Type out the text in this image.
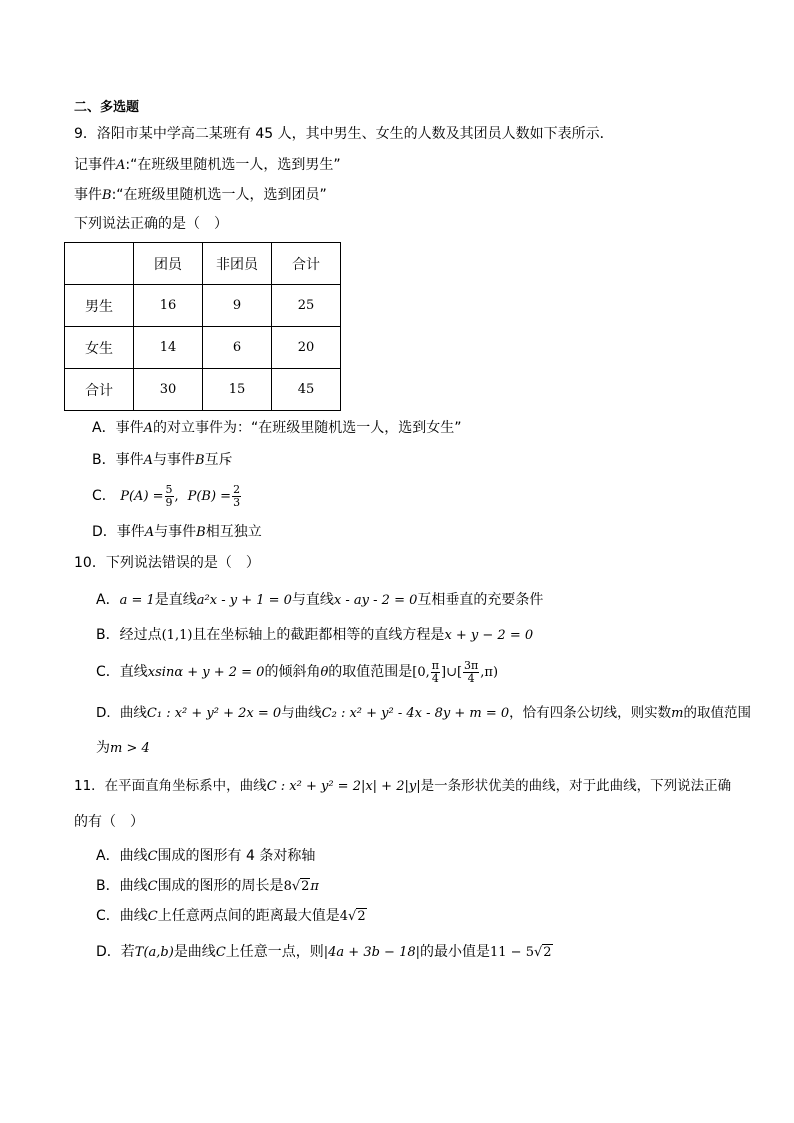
二、多选题
9．洛阳市某中学高二某班有 45 人，其中男生、女生的人数及其团员人数如下表所示．
记事件A:“在班级里随机选一人，选到男生”
事件B:“在班级里随机选一人，选到团员”
下列说法正确的是（　）
	团员	非团员	合计
男生	16	9	25
女生	14	6	20
合计	30	15	45
A．事件A的对立事件为：“在班级里随机选一人，选到女生”
B．事件A与事件B互斥
C． $P(A) = \frac{5}{9}$ , $P(B) = \frac{2}{3}$
D．事件A与事件B相互独立
10．下列说法错误的是（　）
A．a = 1是直线a²x - y + 1 = 0与直线x - ay - 2 = 0互相垂直的充要条件
B．经过点(1,1)且在坐标轴上的截距都相等的直线方程是x + y − 2 = 0
C．直线xsinα + y + 2 = 0的倾斜角θ的取值范围是[0, $\frac{\pi}{4}$ ]∪[ $\frac{3\pi}{4} ,\pi$)
D．曲线C₁ : x² + y² + 2x = 0与曲线C₂ : x² + y² - 4x - 8y + m = 0，恰有四条公切线，则实数m的取值范围
为m > 4
11．在平面直角坐标系中，曲线C : x² + y² = 2|x| + 2|y|是一条形状优美的曲线，对于此曲线，下列说法正确
的有（　）
A．曲线C围成的图形有 4 条对称轴
B．曲线C围成的图形的周长是8√2π
C．曲线C上任意两点间的距离最大值是4√2
D．若T(a,b)是曲线C上任意一点，则|4a + 3b − 18|的最小值是11 − 5√2
